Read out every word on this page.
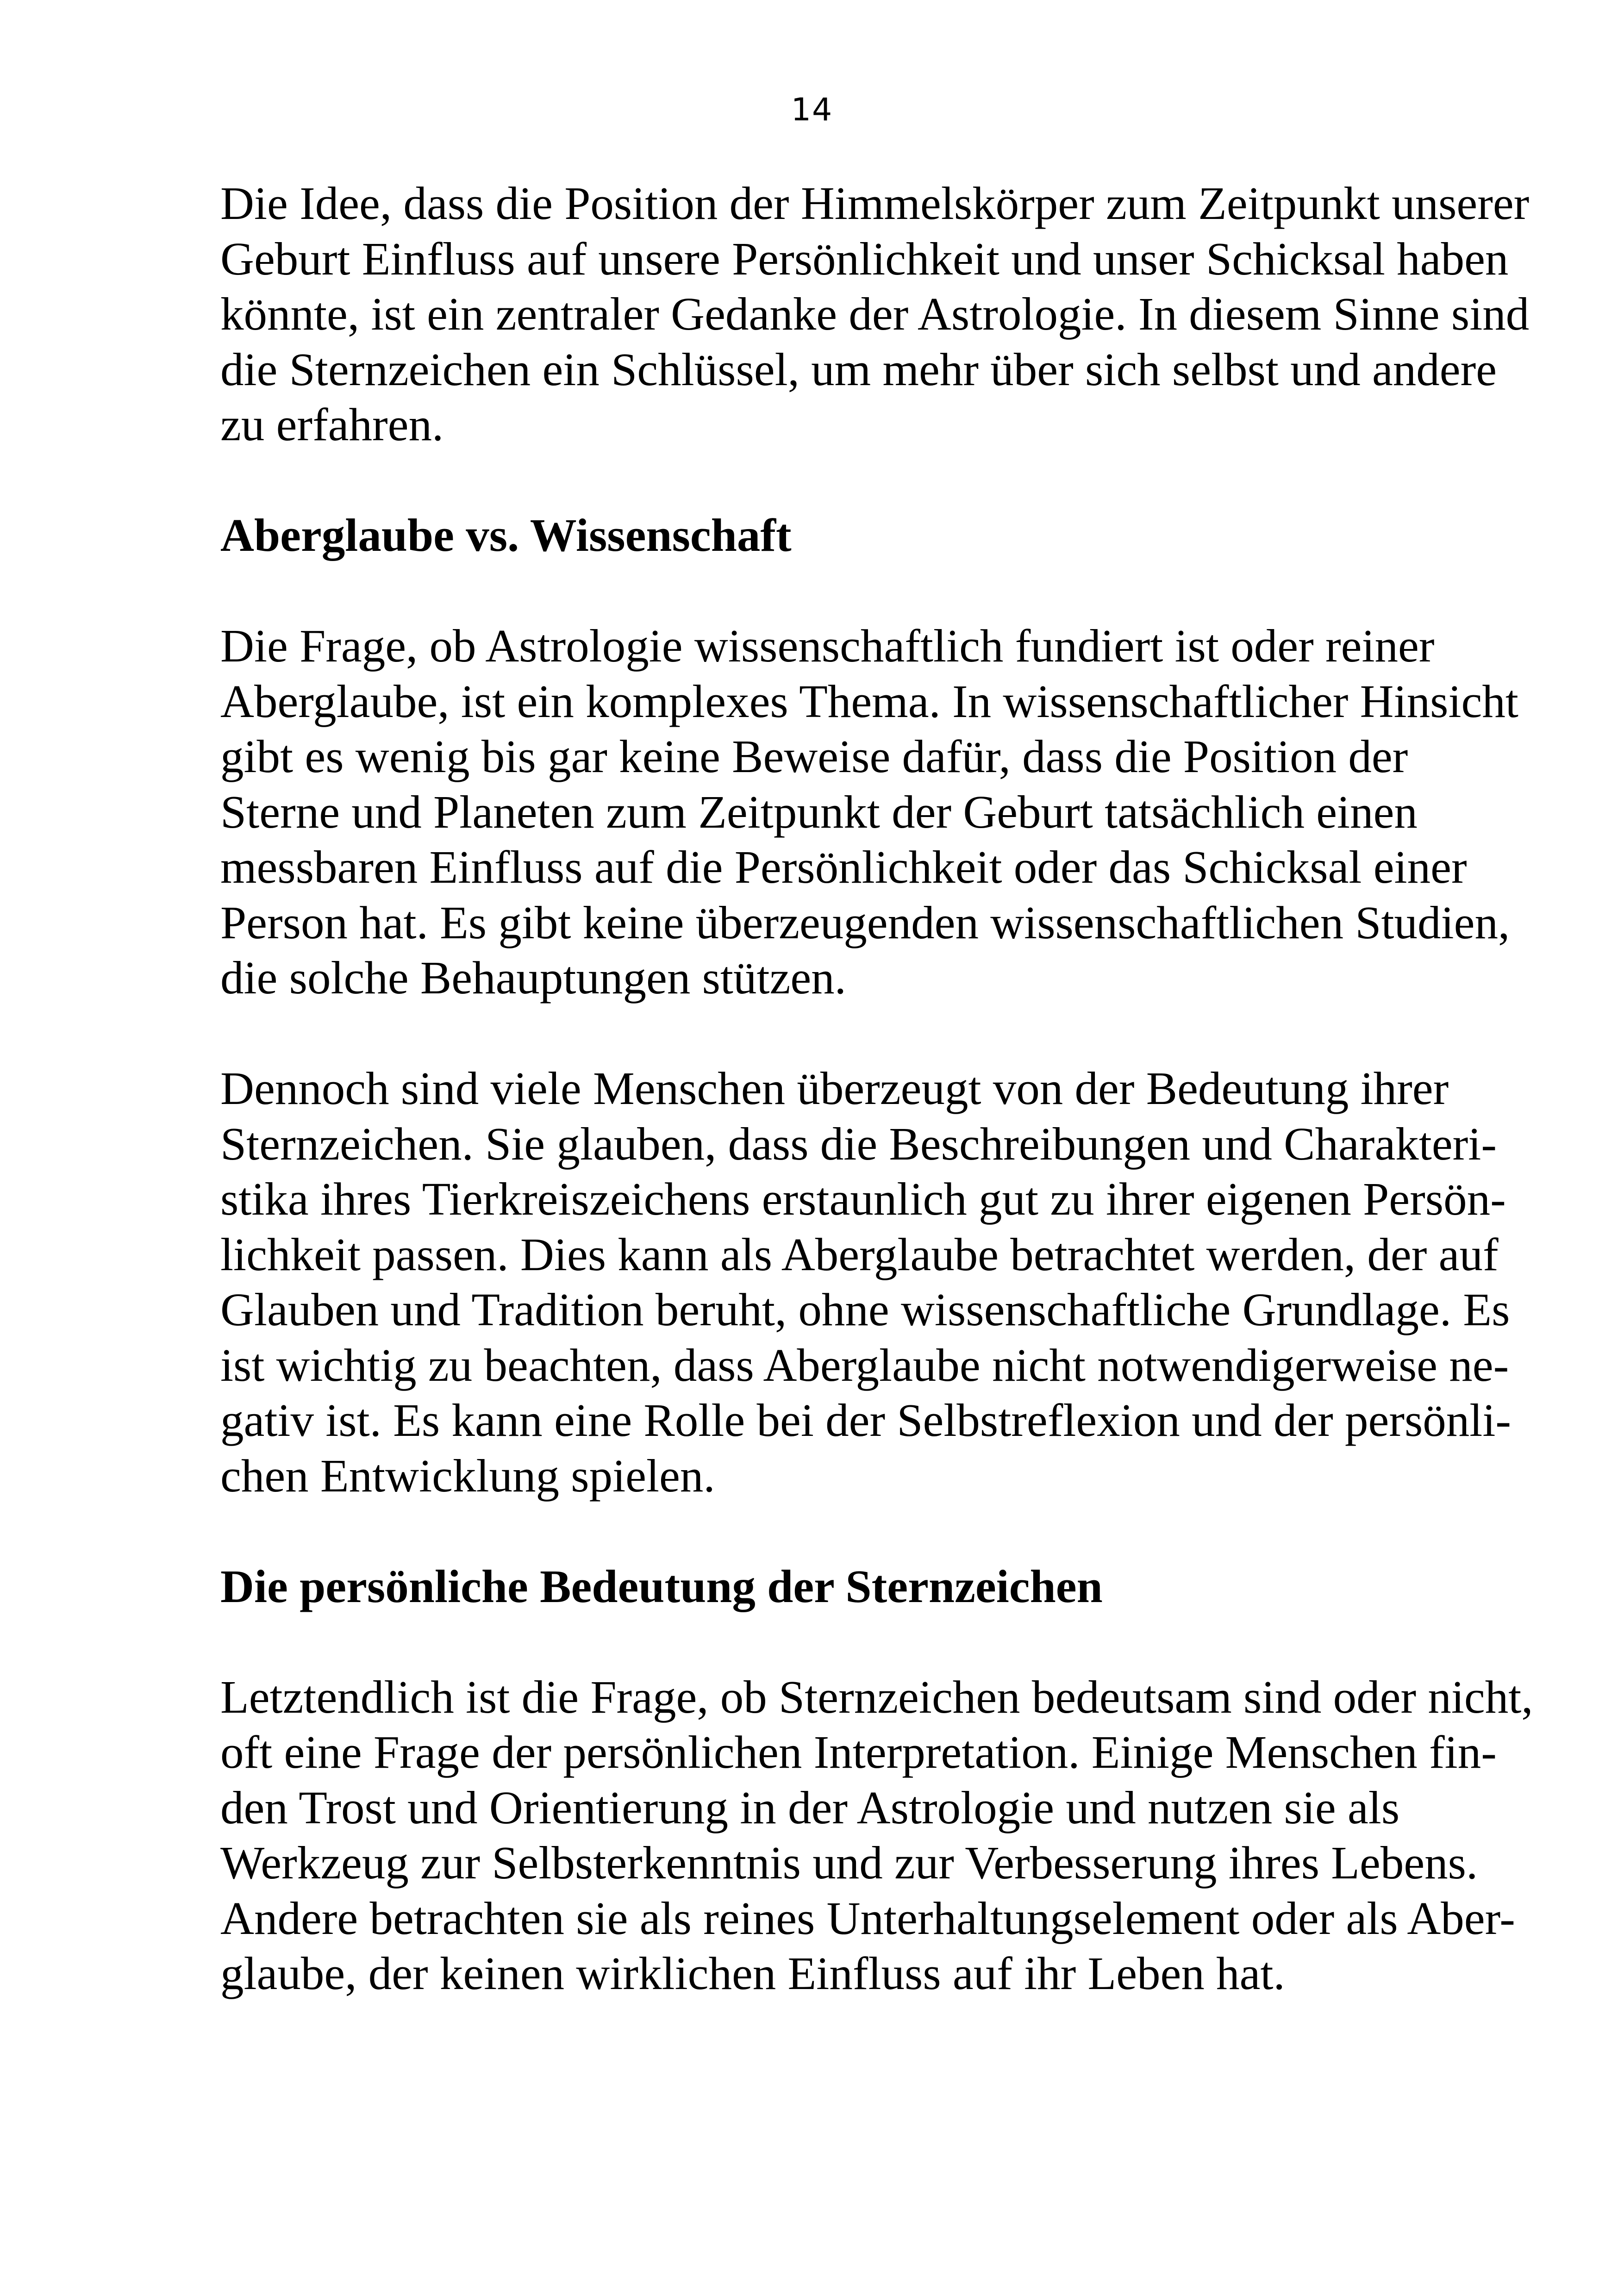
14

Die Idee, dass die Position der Himmelskörper zum Zeitpunkt unserer
Geburt Einfluss auf unsere Persönlichkeit und unser Schicksal haben
könnte, ist ein zentraler Gedanke der Astrologie. In diesem Sinne sind
die Sternzeichen ein Schlüssel, um mehr über sich selbst und andere
zu erfahren.

Aberglaube vs. Wissenschaft

Die Frage, ob Astrologie wissenschaftlich fundiert ist oder reiner
Aberglaube, ist ein komplexes Thema. In wissenschaftlicher Hinsicht
gibt es wenig bis gar keine Beweise dafür, dass die Position der
Sterne und Planeten zum Zeitpunkt der Geburt tatsächlich einen
messbaren Einfluss auf die Persönlichkeit oder das Schicksal einer
Person hat. Es gibt keine überzeugenden wissenschaftlichen Studien,
die solche Behauptungen stützen.

Dennoch sind viele Menschen überzeugt von der Bedeutung ihrer
Sternzeichen. Sie glauben, dass die Beschreibungen und Charakteri-
stika ihres Tierkreiszeichens erstaunlich gut zu ihrer eigenen Persön-
lichkeit passen. Dies kann als Aberglaube betrachtet werden, der auf
Glauben und Tradition beruht, ohne wissenschaftliche Grundlage. Es
ist wichtig zu beachten, dass Aberglaube nicht notwendigerweise ne-
gativ ist. Es kann eine Rolle bei der Selbstreflexion und der persönli-
chen Entwicklung spielen.

Die persönliche Bedeutung der Sternzeichen

Letztendlich ist die Frage, ob Sternzeichen bedeutsam sind oder nicht,
oft eine Frage der persönlichen Interpretation. Einige Menschen fin-
den Trost und Orientierung in der Astrologie und nutzen sie als
Werkzeug zur Selbsterkenntnis und zur Verbesserung ihres Lebens.
Andere betrachten sie als reines Unterhaltungselement oder als Aber-
glaube, der keinen wirklichen Einfluss auf ihr Leben hat.
